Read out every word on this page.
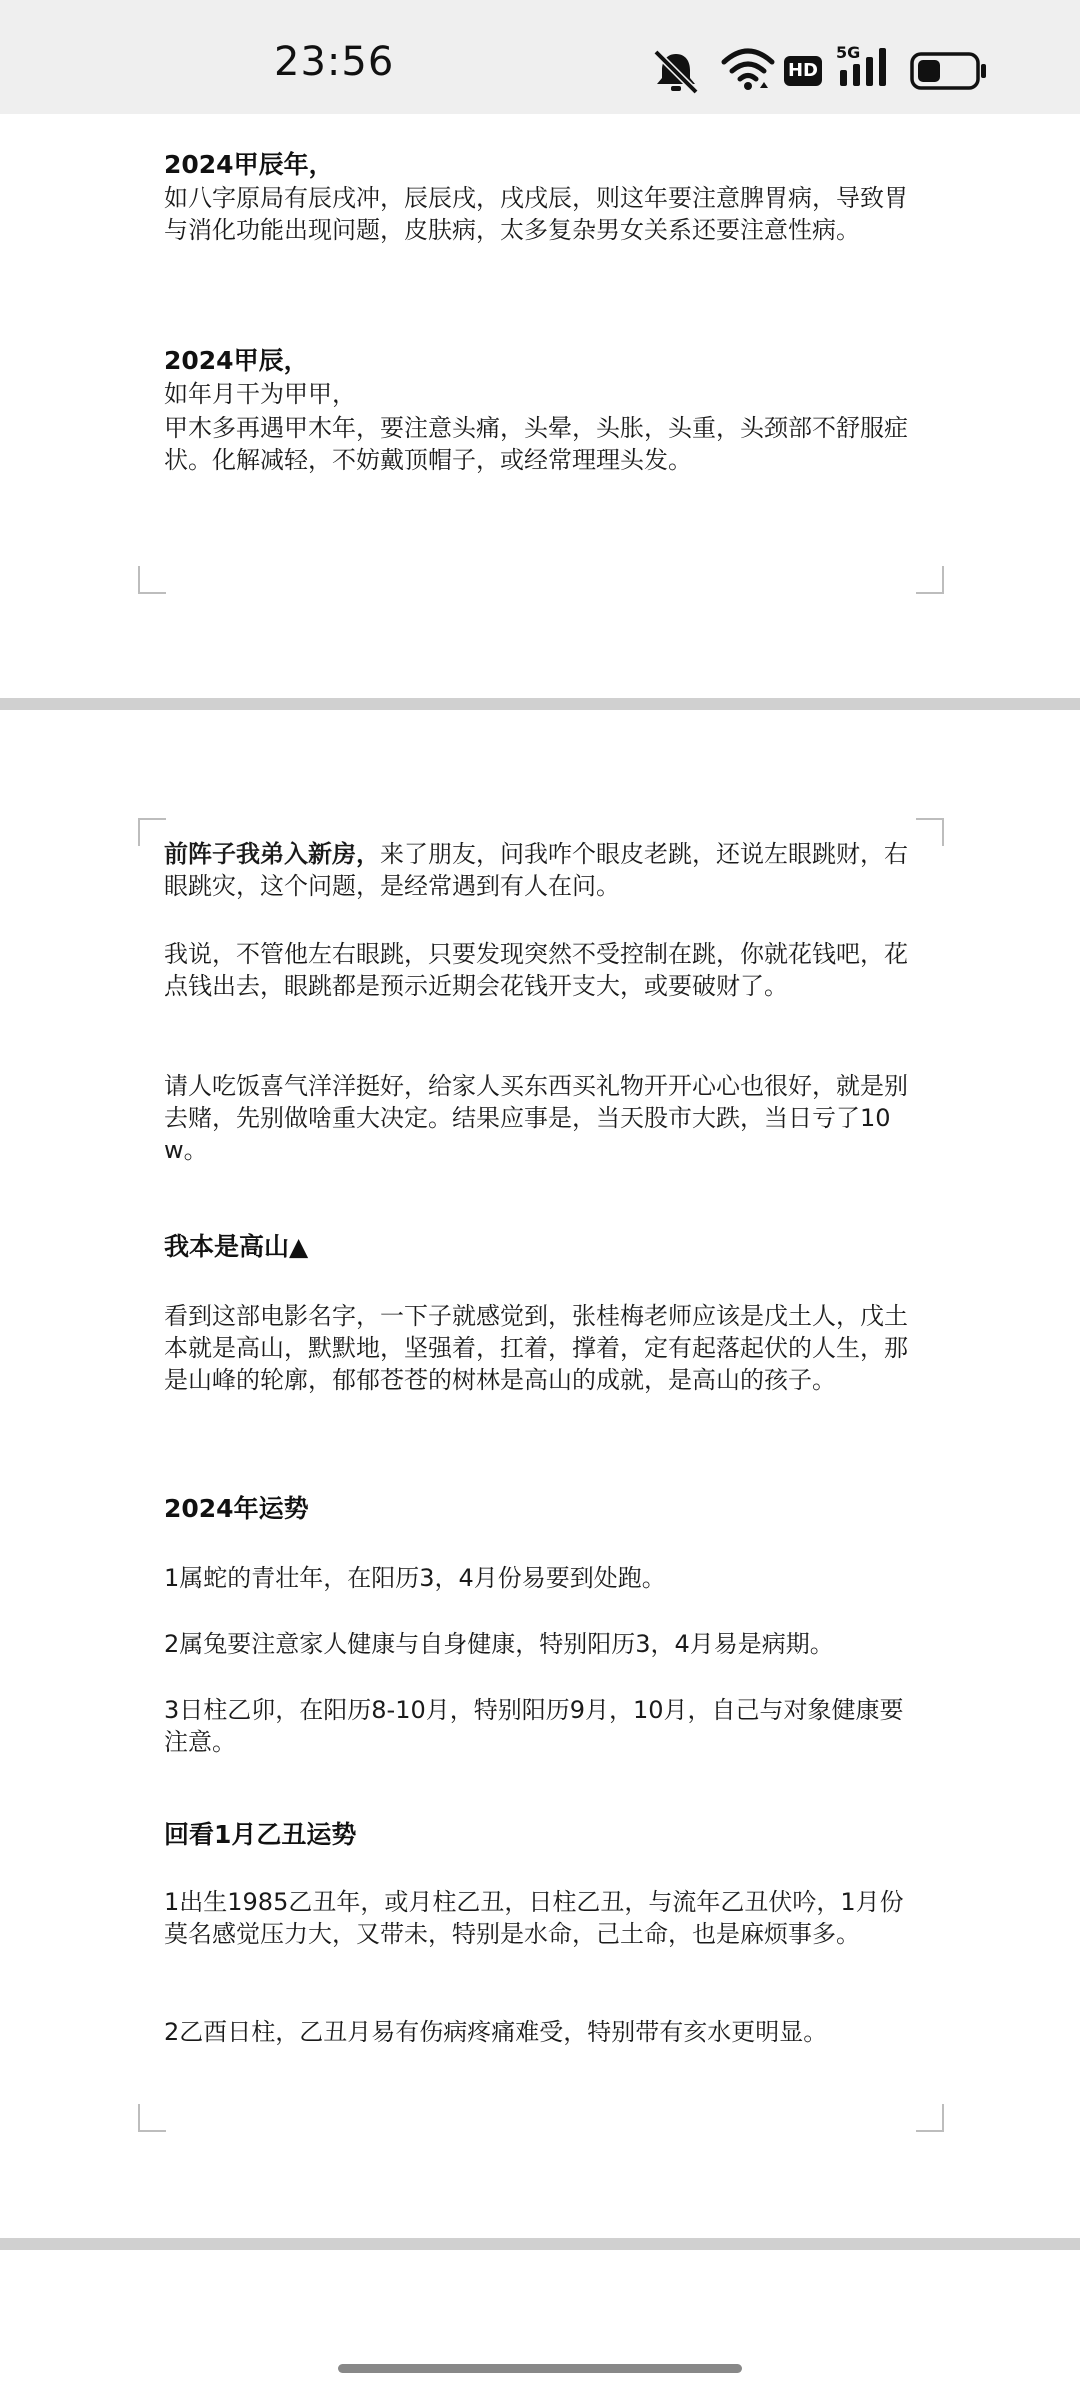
23:56	HD
5G
2024甲辰年，
如八字原局有辰戌冲，辰辰戌，戌戌辰，则这年要注意脾胃病，导致胃与消化功能出现问题，皮肤病，太多复杂男女关系还要注意性病。
2024甲辰，
如年月干为甲甲，
甲木多再遇甲木年，要注意头痛，头晕，头胀，头重，头颈部不舒服症状。化解减轻，不妨戴顶帽子，或经常理理头发。
前阵子我弟入新房，来了朋友，问我咋个眼皮老跳，还说左眼跳财，右眼跳灾，这个问题，是经常遇到有人在问。
我说，不管他左右眼跳，只要发现突然不受控制在跳，你就花钱吧，花点钱出去，眼跳都是预示近期会花钱开支大，或要破财了。
请人吃饭喜气洋洋挺好，给家人买东西买礼物开开心心也很好，就是别去赌，先别做啥重大决定。结果应事是，当天股市大跌，当日亏了10w。
我本是高山▲
看到这部电影名字，一下子就感觉到，张桂梅老师应该是戊土人，戊土本就是高山，默默地，坚强着，扛着，撑着，定有起落起伏的人生，那是山峰的轮廓，郁郁苍苍的树林是高山的成就，是高山的孩子。
2024年运势
1属蛇的青壮年，在阳历3，4月份易要到处跑。
2属兔要注意家人健康与自身健康，特别阳历3，4月易是病期。
3日柱乙卯，在阳历8-10月，特别阳历9月，10月，自己与对象健康要注意。
回看1月乙丑运势
1出生1985乙丑年，或月柱乙丑，日柱乙丑，与流年乙丑伏吟，1月份莫名感觉压力大，又带未，特别是水命，己土命，也是麻烦事多。
2乙酉日柱，乙丑月易有伤病疼痛难受，特别带有亥水更明显。
